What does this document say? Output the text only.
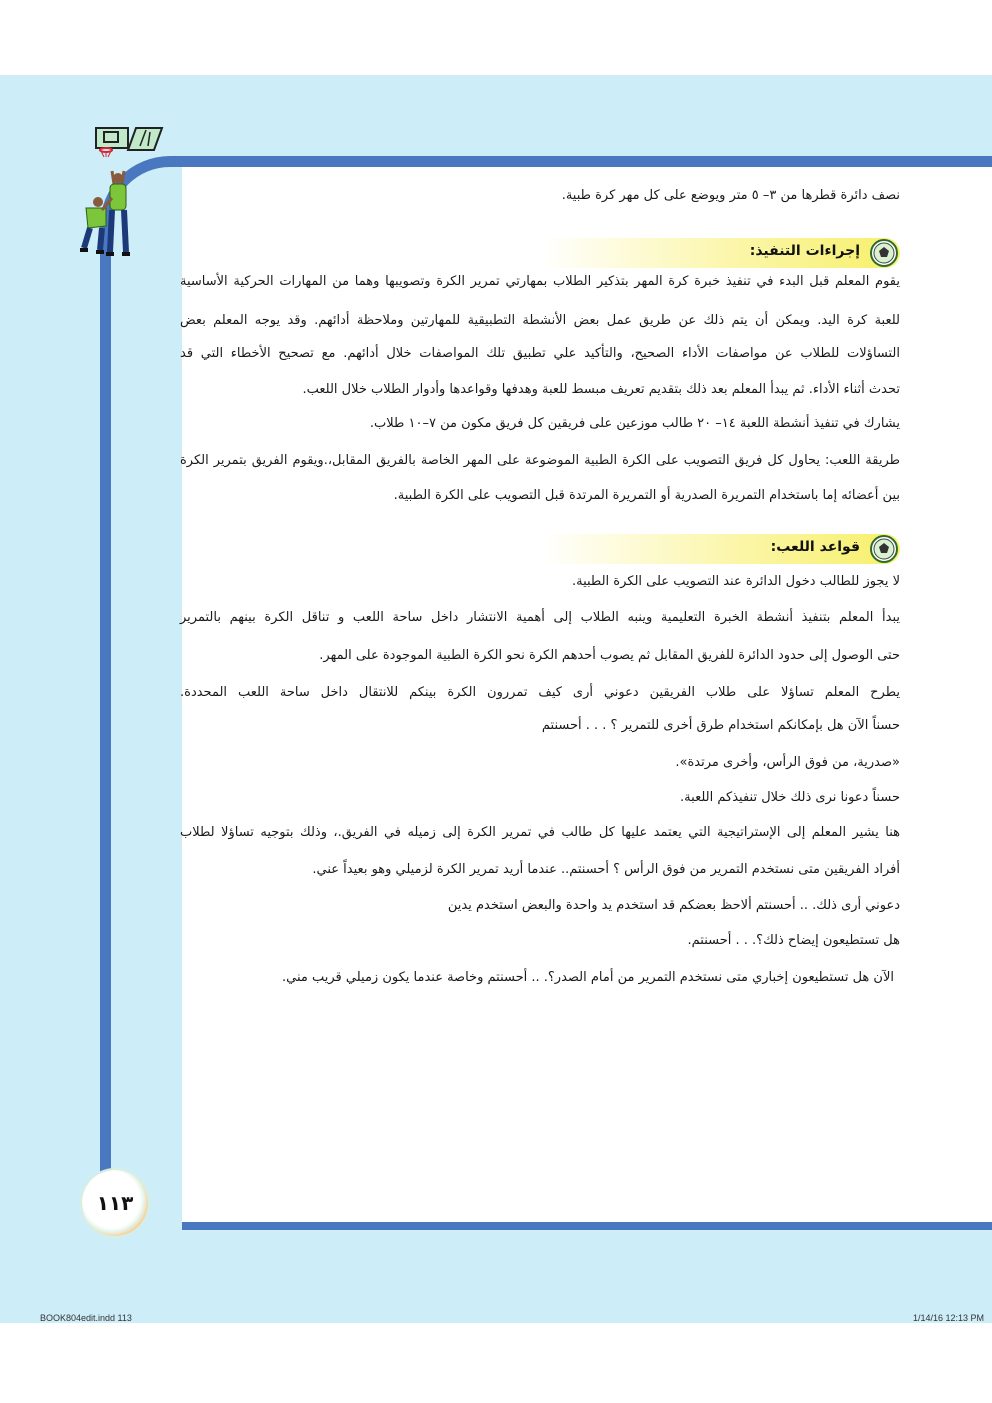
نصف دائرة قطرها من ٣– ٥ متر ويوضع على كل مهر كرة طبية.

إجراءات التنفيذ:

يقوم المعلم قبل البدء في تنفيذ خبرة كرة المهر بتذكير الطلاب بمهارتي تمرير الكرة وتصويبها وهما من المهارات الحركية الأساسية

للعبة كرة اليد. ويمكن أن يتم ذلك عن طريق عمل بعض الأنشطة التطبيقية للمهارتين وملاحظة أدائهم. وقد يوجه المعلم بعض

التساؤلات للطلاب عن مواصفات الأداء الصحيح، والتأكيد علي تطبيق تلك المواصفات خلال أدائهم. مع تصحيح الأخطاء التي قد

تحدث أثناء الأداء. ثم يبدأ المعلم بعد ذلك بتقديم تعريف مبسط للعبة وهدفها وقواعدها وأدوار الطلاب خلال اللعب.

يشارك في تنفيذ أنشطة اللعبة ١٤– ٢٠ طالب موزعين على فريقين كل فريق مكون من ٧–١٠ طلاب.

طريقة اللعب: يحاول كل فريق التصويب على الكرة الطبية الموضوعة على المهر الخاصة بالفريق المقابل،.ويقوم الفريق بتمرير الكرة

بين أعضائه إما باستخدام التمريرة الصدرية أو التمريرة المرتدة قبل التصويب على الكرة الطبية.

قواعد اللعب:

لا يجوز للطالب دخول الدائرة عند التصويب على الكرة الطبية.

يبدأ المعلم بتنفيذ أنشطة الخبرة التعليمية وينبه الطلاب إلى أهمية الانتشار داخل ساحة اللعب و تناقل الكرة بينهم بالتمرير

حتى الوصول إلى حدود الدائرة للفريق المقابل ثم يصوب أحدهم الكرة نحو الكرة الطبية الموجودة على المهر.

يطرح المعلم تساؤلا على طلاب الفريقين دعوني أرى كيف تمررون الكرة بينكم للانتقال داخل ساحة اللعب المحددة.

حسناً الآن هل بإمكانكم استخدام طرق أخرى للتمرير ؟ . . . أحسنتم

«صدرية، من فوق الرأس، وأخرى مرتدة».

حسناً دعونا نرى ذلك خلال تنفيذكم اللعبة.

هنا يشير المعلم إلى الإستراتيجية التي يعتمد عليها كل طالب في تمرير الكرة إلى زميله في الفريق.، وذلك بتوجيه تساؤلا لطلاب

أفراد الفريقين متى نستخدم التمرير من فوق الرأس ؟ أحسنتم.. عندما أريد تمرير الكرة لزميلي وهو بعيداً عني.

دعوني أرى ذلك. .. أحسنتم ألاحظ بعضكم قد استخدم يد واحدة والبعض استخدم يدين

هل تستطيعون إيضاح ذلك؟. . . أحسنتم.

الآن هل تستطيعون إخباري متى نستخدم التمرير من أمام الصدر؟. .. أحسنتم وخاصة عندما يكون زميلي قريب مني.

١١٣
BOOK804edit.indd 113	1/14/16 12:13 PM
